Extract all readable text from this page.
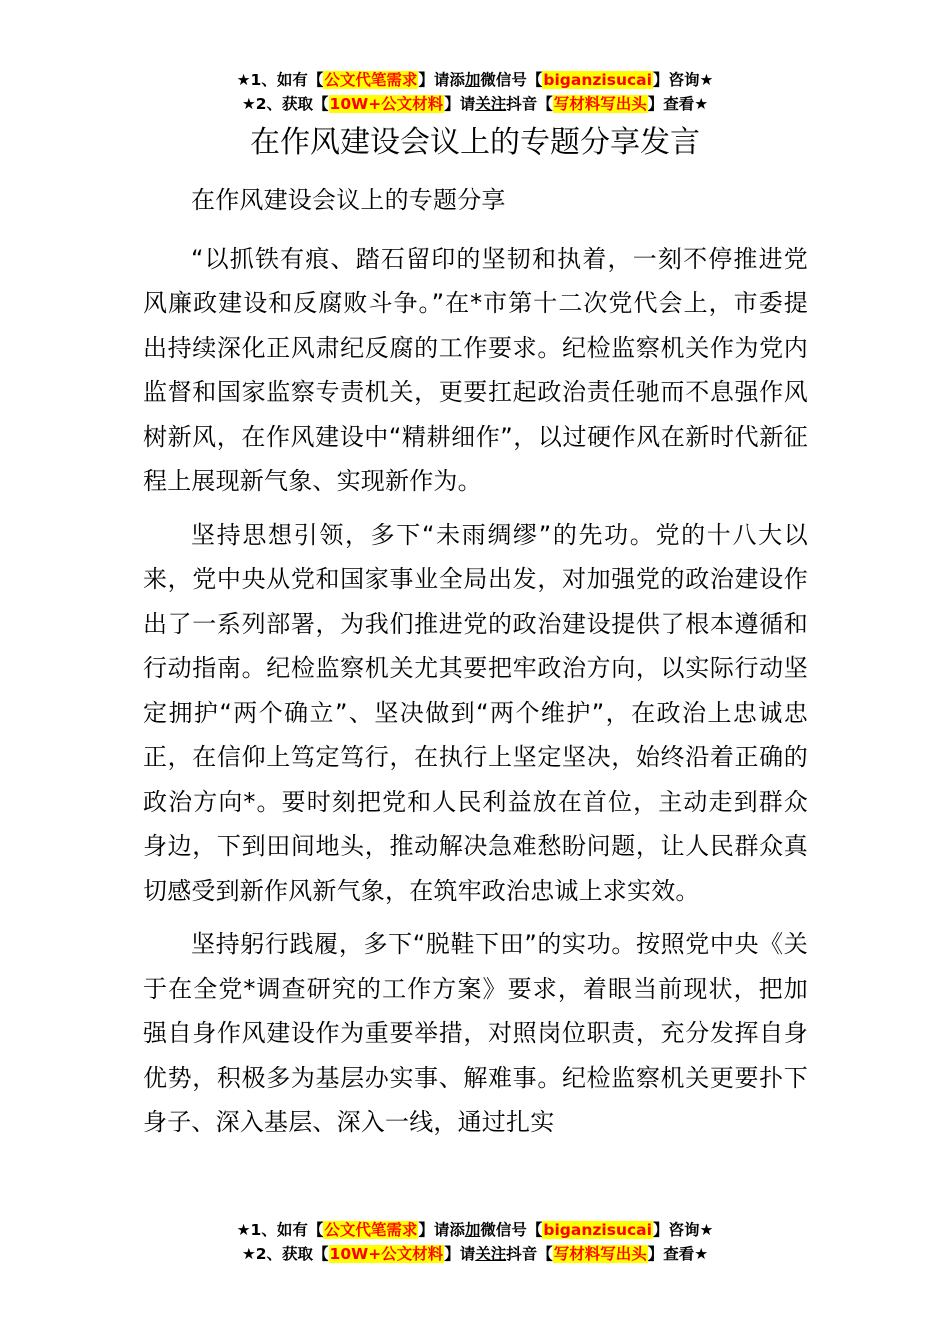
★1、如有【公文代笔需求】请添加微信号【biganzisucai】咨询★
★2、获取【10W+公文材料】请关注抖音【写材料写出头】查看★
在作风建设会议上的专题分享发言

在作风建设会议上的专题分享

“以抓铁有痕、踏石留印的坚韧和执着，一刻不停推进党风廉政建设和反腐败斗争。”在*市第十二次党代会上，市委提出持续深化正风肃纪反腐的工作要求。纪检监察机关作为党内监督和国家监察专责机关，更要扛起政治责任驰而不息强作风树新风，在作风建设中“精耕细作”，以过硬作风在新时代新征程上展现新气象、实现新作为。

坚持思想引领，多下“未雨绸缪”的先功。党的十八大以来，党中央从党和国家事业全局出发，对加强党的政治建设作出了一系列部署，为我们推进党的政治建设提供了根本遵循和行动指南。纪检监察机关尤其要把牢政治方向，以实际行动坚定拥护“两个确立”、坚决做到“两个维护”，在政治上忠诚忠正，在信仰上笃定笃行，在执行上坚定坚决，始终沿着正确的政治方向*。要时刻把党和人民利益放在首位，主动走到群众身边，下到田间地头，推动解决急难愁盼问题，让人民群众真切感受到新作风新气象，在筑牢政治忠诚上求实效。

坚持躬行践履，多下“脱鞋下田”的实功。按照党中央《关于在全党*调查研究的工作方案》要求，着眼当前现状，把加强自身作风建设作为重要举措，对照岗位职责，充分发挥自身优势，积极多为基层办实事、解难事。纪检监察机关更要扑下身子、深入基层、深入一线，通过扎实

★1、如有【公文代笔需求】请添加微信号【biganzisucai】咨询★
★2、获取【10W+公文材料】请关注抖音【写材料写出头】查看★
